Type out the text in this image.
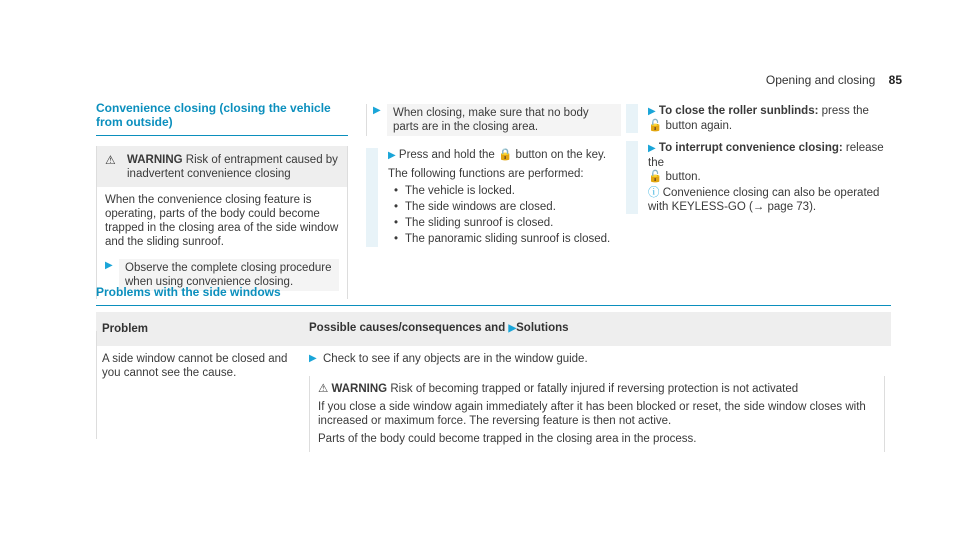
Opening and closing 85
Convenience closing (closing the vehicle
from outside)
⚠ WARNING Risk of entrapment caused by inadvertent convenience closing
When the convenience closing feature is operating, parts of the body could become trapped in the closing area of the side window and the sliding sunroof.
▶	Observe the complete closing procedure when using convenience closing.
▶	When closing, make sure that no body parts are in the closing area.
▶ Press and hold the 🔒 button on the key.
The following functions are performed:
• The vehicle is locked.
• The side windows are closed.
• The sliding sunroof is closed.
• The panoramic sliding sunroof is closed.
▶ To close the roller sunblinds: press the
🔓 button again.
▶ To interrupt convenience closing: release the
🔓 button.
ⓘ Convenience closing can also be operated with KEYLESS-GO (→ page 73).
Problems with the side windows
Problem	Possible causes/consequences and ▶Solutions
A side window cannot be closed and you cannot see the cause.	▶ Check to see if any objects are in the window guide.
⚠ WARNING Risk of becoming trapped or fatally injured if reversing protection is not activated
If you close a side window again immediately after it has been blocked or reset, the side window closes with increased or maximum force. The reversing feature is then not active.
Parts of the body could become trapped in the closing area in the process.
